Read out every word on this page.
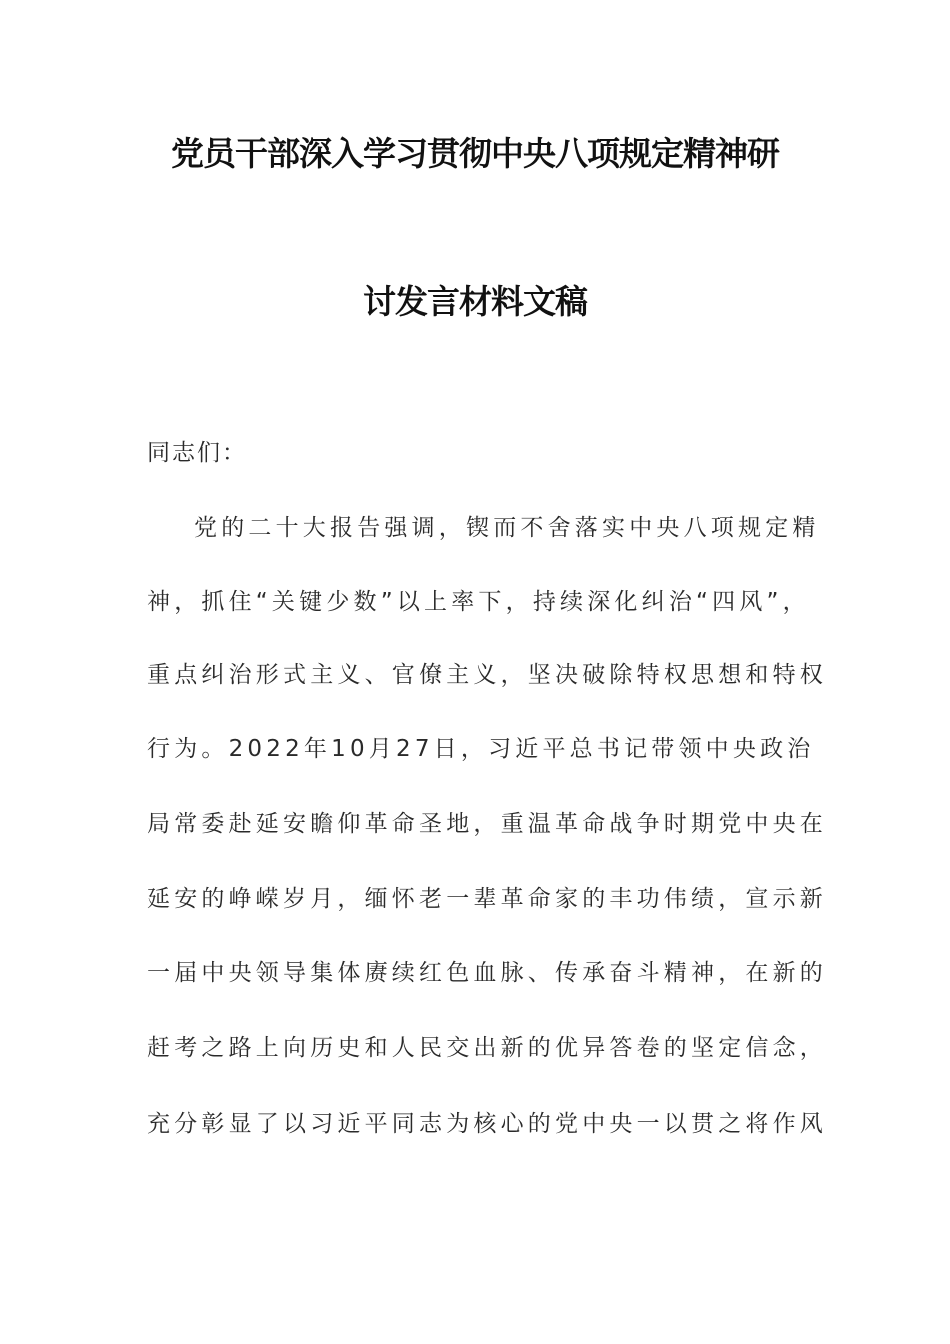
党员干部深入学习贯彻中央八项规定精神研
讨发言材料文稿
同志们：
党的二十大报告强调，锲而不舍落实中央八项规定精
神，抓住“关键少数”以上率下，持续深化纠治“四风”，
重点纠治形式主义、官僚主义，坚决破除特权思想和特权
行为。2022年10月27日，习近平总书记带领中央政治
局常委赴延安瞻仰革命圣地，重温革命战争时期党中央在
延安的峥嵘岁月，缅怀老一辈革命家的丰功伟绩，宣示新
一届中央领导集体赓续红色血脉、传承奋斗精神，在新的
赶考之路上向历史和人民交出新的优异答卷的坚定信念，
充分彰显了以习近平同志为核心的党中央一以贯之将作风
